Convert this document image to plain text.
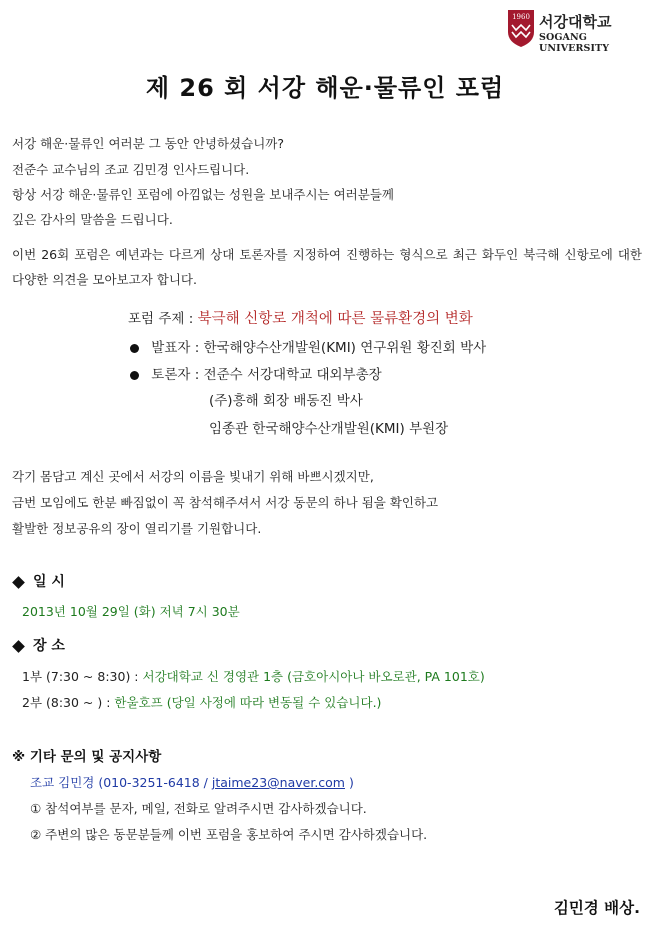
1960 서강대학교
SOGANG UNIVERSITY
제 26 회 서강 해운·물류인 포럼
서강 해운·물류인 여러분 그 동안 안녕하셨습니까?
전준수 교수님의 조교 김민경 인사드립니다.
항상 서강 해운·물류인 포럼에 아낌없는 성원을 보내주시는 여러분들께
깊은 감사의 말씀을 드립니다.
이번 26회 포럼은 예년과는 다르게 상대 토론자를 지정하여 진행하는 형식으로 최근 화두인 북극해 신항로에 대한 다양한 의견을 모아보고자 합니다.
포럼 주제 : 북극해 신항로 개척에 따른 물류환경의 변화
발표자 : 한국해양수산개발원(KMI) 연구위원 황진회 박사
토론자 : 전준수 서강대학교 대외부총장
(주)흥해 회장 배동진 박사
임종관 한국해양수산개발원(KMI) 부원장
각기 몸담고 계신 곳에서 서강의 이름을 빛내기 위해 바쁘시겠지만,
금번 모임에도 한분 빠짐없이 꼭 참석해주셔서 서강 동문의 하나 됨을 확인하고
활발한 정보공유의 장이 열리기를 기원합니다.
일 시
2013년 10월 29일 (화) 저녁 7시 30분
장 소
1부 (7:30 ~ 8:30) : 서강대학교 신 경영관 1층 (금호아시아나 바오로관, PA 101호)
2부 (8:30 ~ ) : 한울호프 (당일 사정에 따라 변동될 수 있습니다.)
※ 기타 문의 및 공지사항
조교 김민경 (010-3251-6418 / jtaime23@naver.com )
① 참석여부를 문자, 메일, 전화로 알려주시면 감사하겠습니다.
② 주변의 많은 동문분들께 이번 포럼을 홍보하여 주시면 감사하겠습니다.
김민경 배상.
